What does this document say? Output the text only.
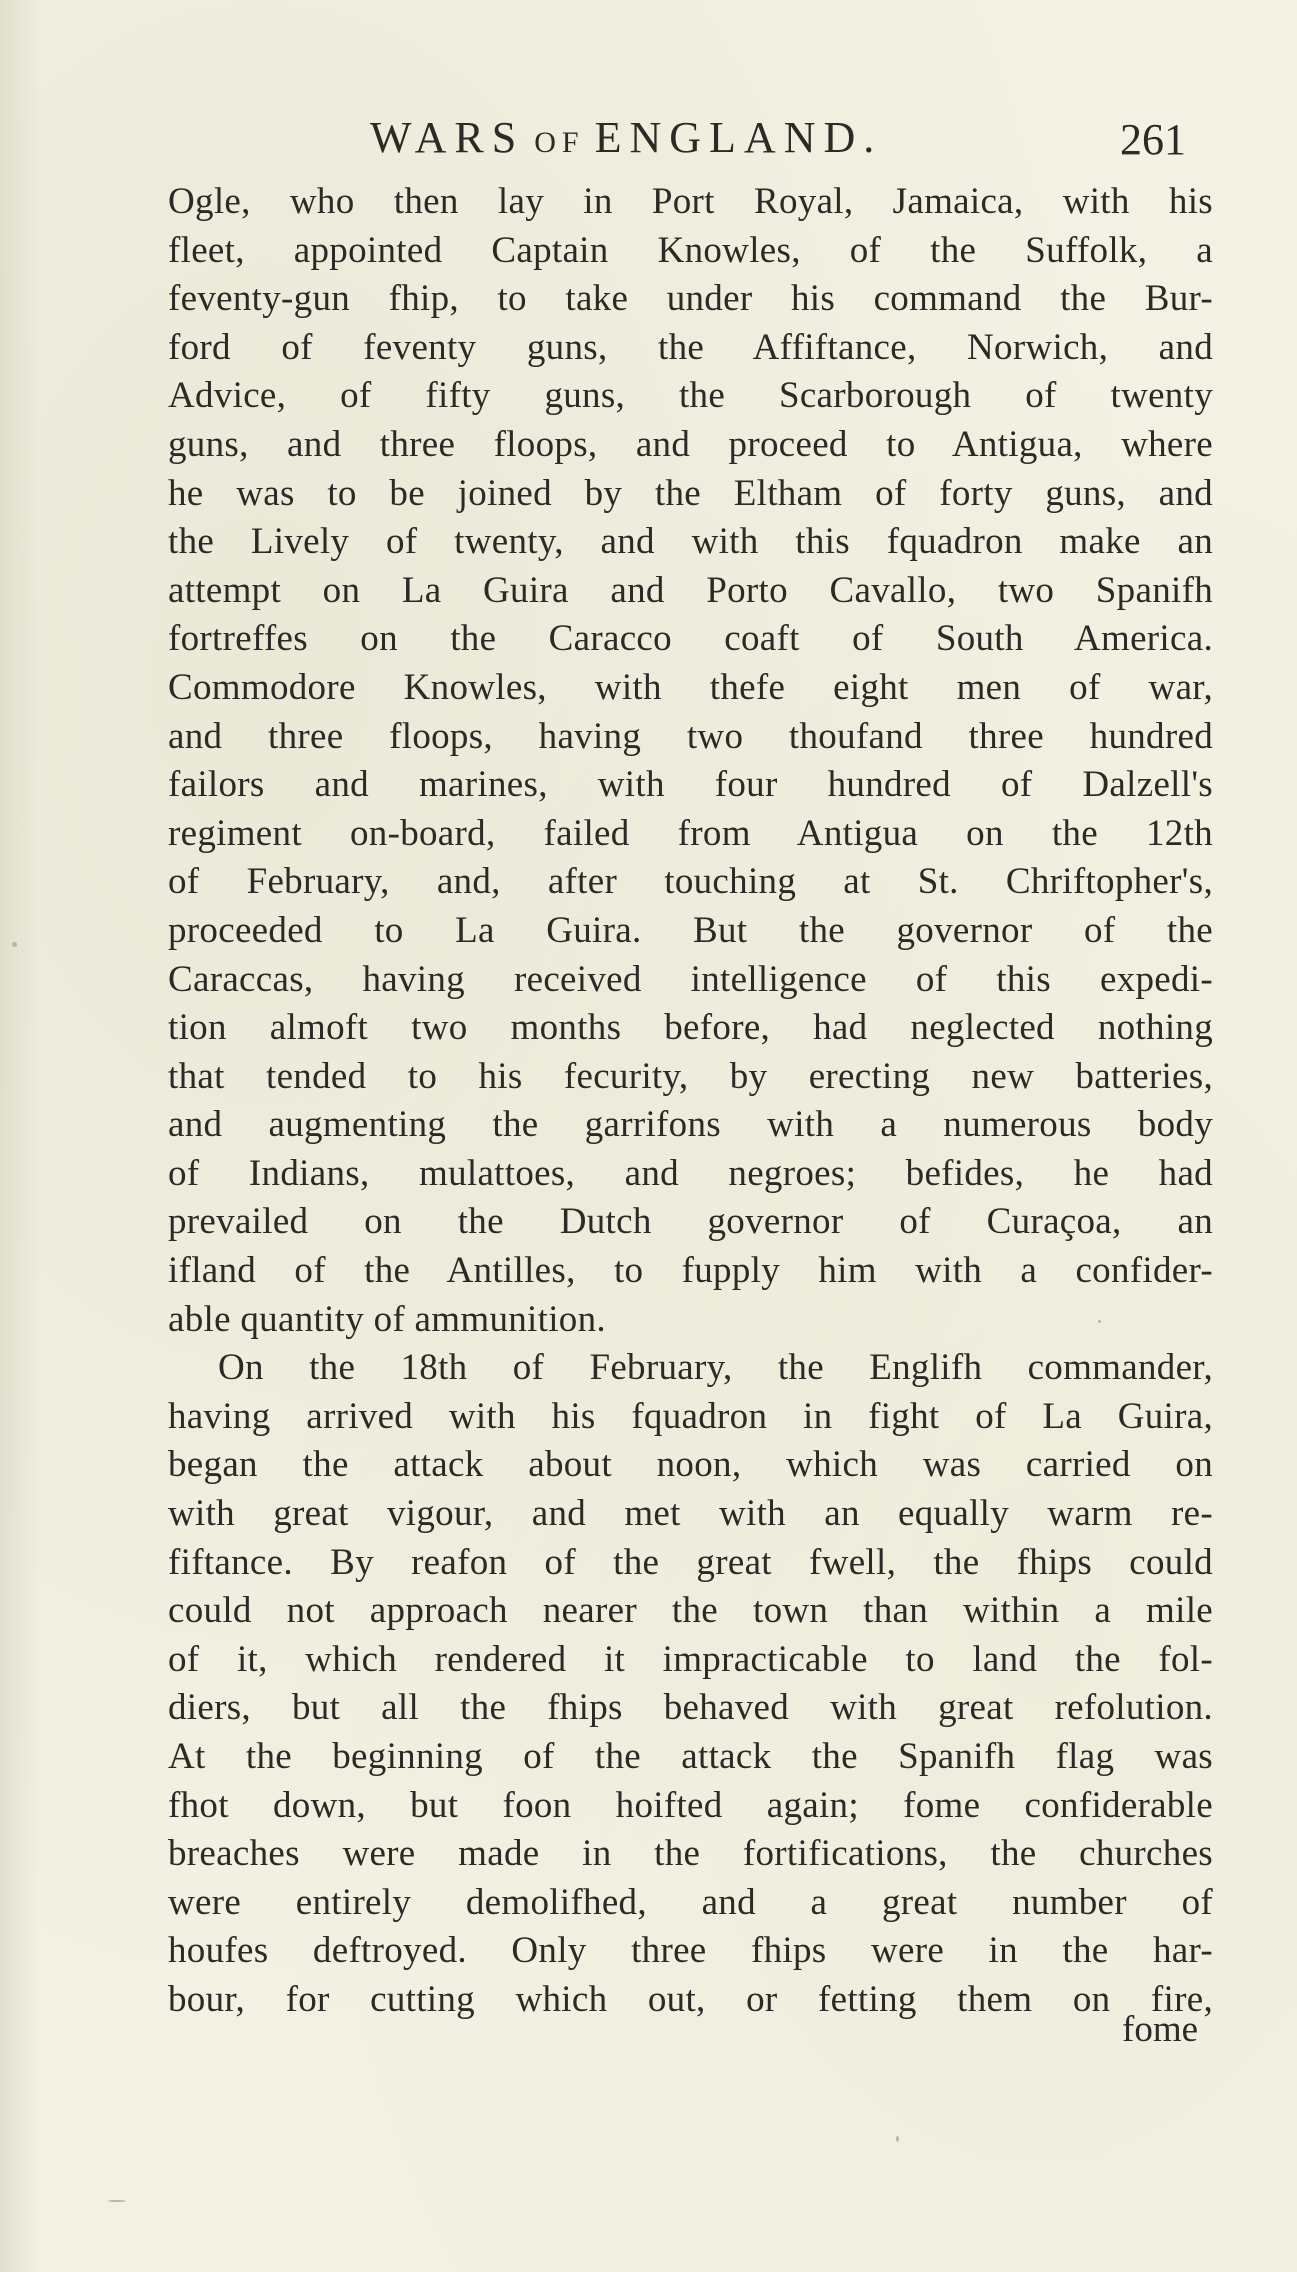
WARS OF ENGLAND.	261
Ogle, who then lay in Port Royal, Jamaica, with his
fleet, appointed Captain Knowles, of the Suffolk, a
feventy-gun fhip, to take under his command the Bur-
ford of feventy guns, the Affiftance, Norwich, and
Advice, of fifty guns, the Scarborough of twenty
guns, and three floops, and proceed to Antigua, where
he was to be joined by the Eltham of forty guns, and
the Lively of twenty, and with this fquadron make an
attempt on La Guira and Porto Cavallo, two Spanifh
fortreffes on the Caracco coaft of South America.
Commodore Knowles, with thefe eight men of war,
and three floops, having two thoufand three hundred
failors and marines, with four hundred of Dalzell's
regiment on-board, failed from Antigua on the 12th
of February, and, after touching at St. Chriftopher's,
proceeded to La Guira. But the governor of the
Caraccas, having received intelligence of this expedi-
tion almoft two months before, had neglected nothing
that tended to his fecurity, by erecting new batteries,
and augmenting the garrifons with a numerous body
of Indians, mulattoes, and negroes; befides, he had
prevailed on the Dutch governor of Curaçoa, an
ifland of the Antilles, to fupply him with a confider-
able quantity of ammunition.
On the 18th of February, the Englifh commander,
having arrived with his fquadron in fight of La Guira,
began the attack about noon, which was carried on
with great vigour, and met with an equally warm re-
fiftance. By reafon of the great fwell, the fhips could
could not approach nearer the town than within a mile
of it, which rendered it impracticable to land the fol-
diers, but all the fhips behaved with great refolution.
At the beginning of the attack the Spanifh flag was
fhot down, but foon hoifted again; fome confiderable
breaches were made in the fortifications, the churches
were entirely demolifhed, and a great number of
houfes deftroyed. Only three fhips were in the har-
bour, for cutting which out, or fetting them on fire,
fome
